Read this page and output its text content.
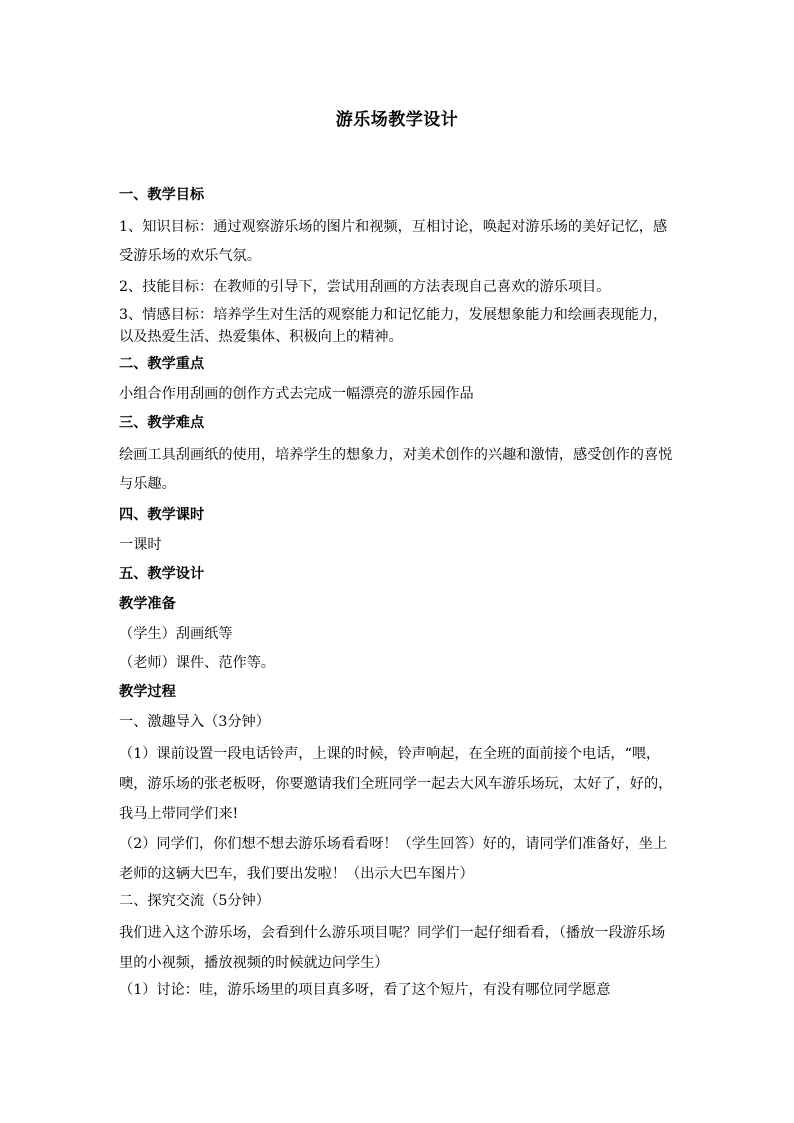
游乐场教学设计

一、教学目标

1、知识目标：通过观察游乐场的图片和视频，互相讨论，唤起对游乐场的美好记忆，感受游乐场的欢乐气氛。

2、技能目标：在教师的引导下，尝试用刮画的方法表现自己喜欢的游乐项目。

3、情感目标：培养学生对生活的观察能力和记忆能力，发展想象能力和绘画表现能力，以及热爱生活、热爱集体、积极向上的精神。

二、教学重点

小组合作用刮画的创作方式去完成一幅漂亮的游乐园作品

三、教学难点

绘画工具刮画纸的使用，培养学生的想象力，对美术创作的兴趣和激情，感受创作的喜悦与乐趣。

四、教学课时

一课时

五、教学设计

教学准备

（学生）刮画纸等

（老师）课件、范作等。

教学过程

一、激趣导入（3分钟）

（1）课前设置一段电话铃声，上课的时候，铃声响起，在全班的面前接个电话，“喂，噢，游乐场的张老板呀，你要邀请我们全班同学一起去大风车游乐场玩，太好了，好的，我马上带同学们来!

（2）同学们，你们想不想去游乐场看看呀！（学生回答）好的，请同学们准备好，坐上老师的这辆大巴车，我们要出发啦！（出示大巴车图片）

二、探究交流（5分钟）

我们进入这个游乐场，会看到什么游乐项目呢？同学们一起仔细看看，（播放一段游乐场里的小视频，播放视频的时候就边问学生）

（1）讨论：哇，游乐场里的项目真多呀，看了这个短片，有没有哪位同学愿意
